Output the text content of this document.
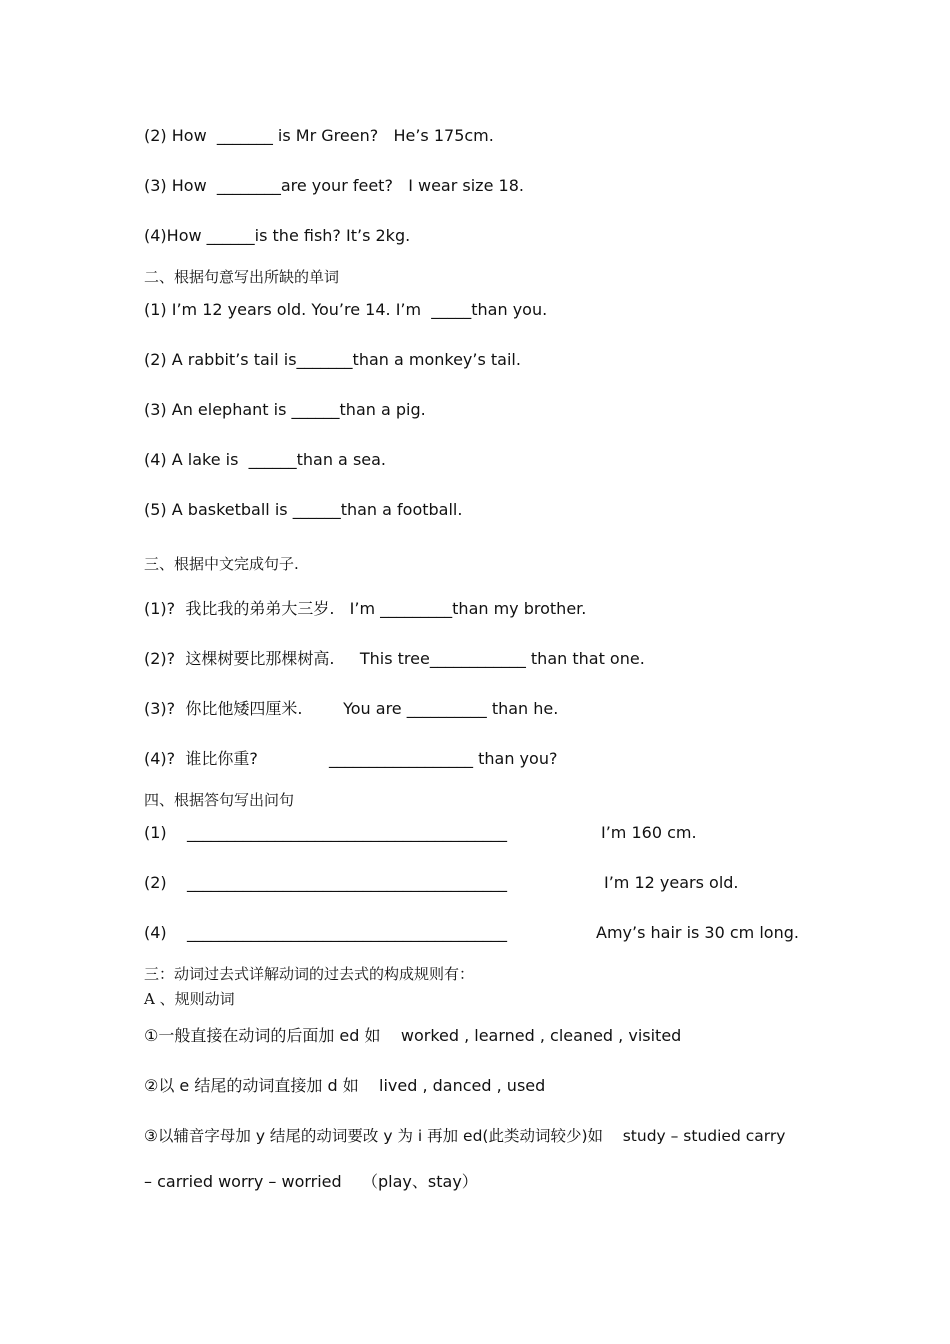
(2) How  _______ is Mr Green?   He’s 175cm.
(3) How  ________are your feet?   I wear size 18.
(4)How ______is the fish? It’s 2kg.
二、根据句意写出所缺的单词
(1) I’m 12 years old. You’re 14. I’m  _____than you.
(2) A rabbit’s tail is_______than a monkey’s tail.
(3) An elephant is ______than a pig.
(4) A lake is  ______than a sea.
(5) A basketball is ______than a football.
三、根据中文完成句子.
(1)?  我比我的弟弟大三岁.   I’m _________than my brother.
(2)?  这棵树要比那棵树高.     This tree____________ than that one.
(3)?  你比他矮四厘米.        You are __________ than he.
(4)?  谁比你重?              __________________ than you?
四、根据答句写出问句
(1)    ________________________________________	I’m 160 cm.
(2)    ________________________________________	I’m 12 years old.
(4)    ________________________________________	Amy’s hair is 30 cm long.
三：动词过去式详解动词的过去式的构成规则有：
A 、规则动词
①一般直接在动词的后面加 ed 如    worked , learned , cleaned , visited
②以 e 结尾的动词直接加 d 如    lived , danced , used
③以辅音字母加 y 结尾的动词要改 y 为 i 再加 ed(此类动词较少)如    study – studied carry
– carried worry – worried    （play、stay）
